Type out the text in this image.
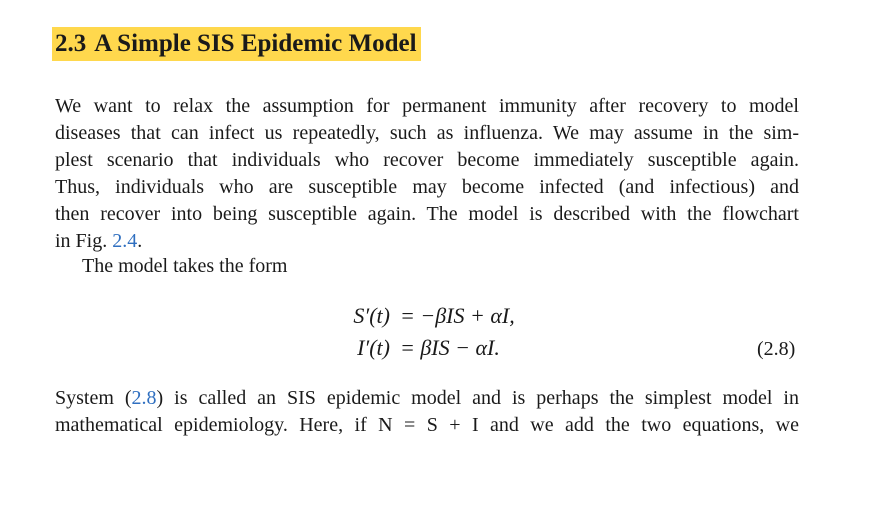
2.3 A Simple SIS Epidemic Model
We want to relax the assumption for permanent immunity after recovery to model
diseases that can infect us repeatedly, such as influenza. We may assume in the sim-
plest scenario that individuals who recover become immediately susceptible again.
Thus, individuals who are susceptible may become infected (and infectious) and
then recover into being susceptible again. The model is described with the flowchart
in Fig. 2.4.
The model takes the form
S′(t) = −βIS + αI,
I′(t) = βIS − αI.	(2.8)
System (2.8) is called an SIS epidemic model and is perhaps the simplest model in
mathematical epidemiology. Here, if N = S + I and we add the two equations, we
